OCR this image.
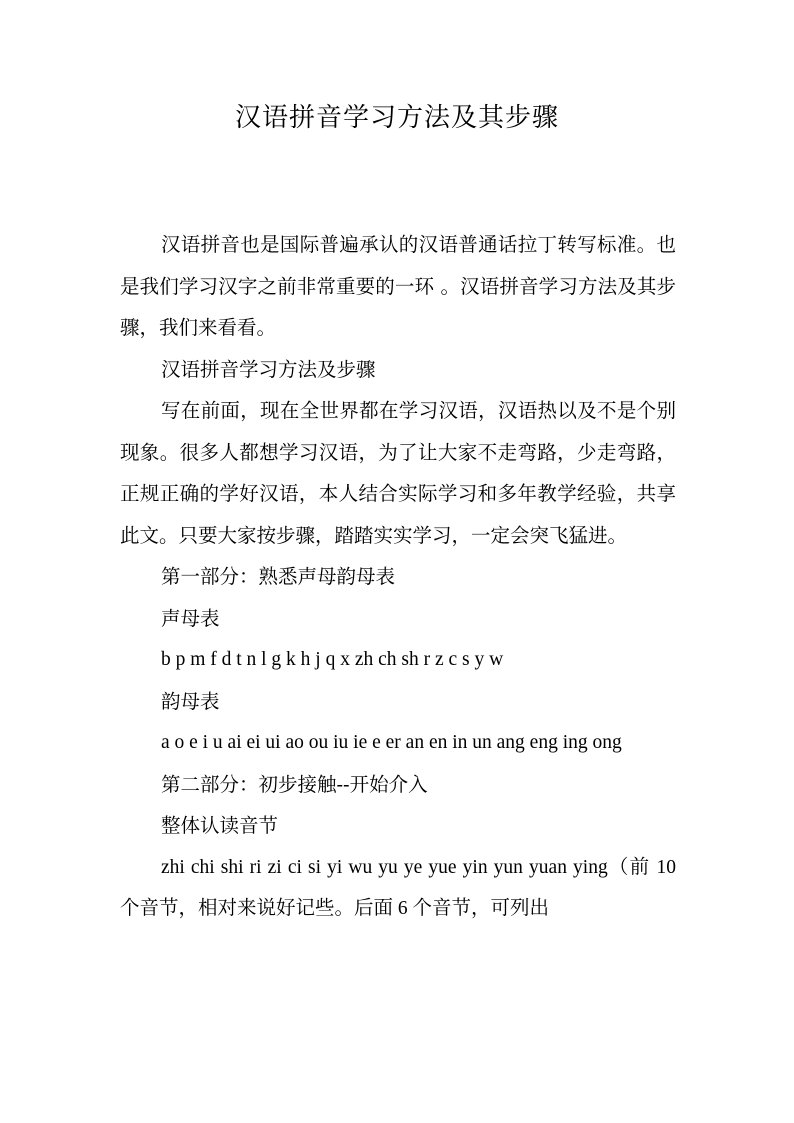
汉语拼音学习方法及其步骤

汉语拼音也是国际普遍承认的汉语普通话拉丁转写标准。也是我们学习汉字之前非常重要的一环 。汉语拼音学习方法及其步骤，我们来看看。

汉语拼音学习方法及步骤

写在前面，现在全世界都在学习汉语，汉语热以及不是个别现象。很多人都想学习汉语，为了让大家不走弯路，少走弯路，正规正确的学好汉语，本人结合实际学习和多年教学经验，共享此文。只要大家按步骤，踏踏实实学习，一定会突飞猛进。

第一部分：熟悉声母韵母表

声母表

b p m f d t n l g k h j q x zh ch sh r z c s y w

韵母表

a o e i u ai ei ui ao ou iu ie e er an en in un ang eng ing ong

第二部分：初步接触--开始介入

整体认读音节

zhi chi shi ri zi ci si yi wu yu ye yue yin yun yuan ying（前 10 个音节，相对来说好记些。后面 6 个音节，可列出
